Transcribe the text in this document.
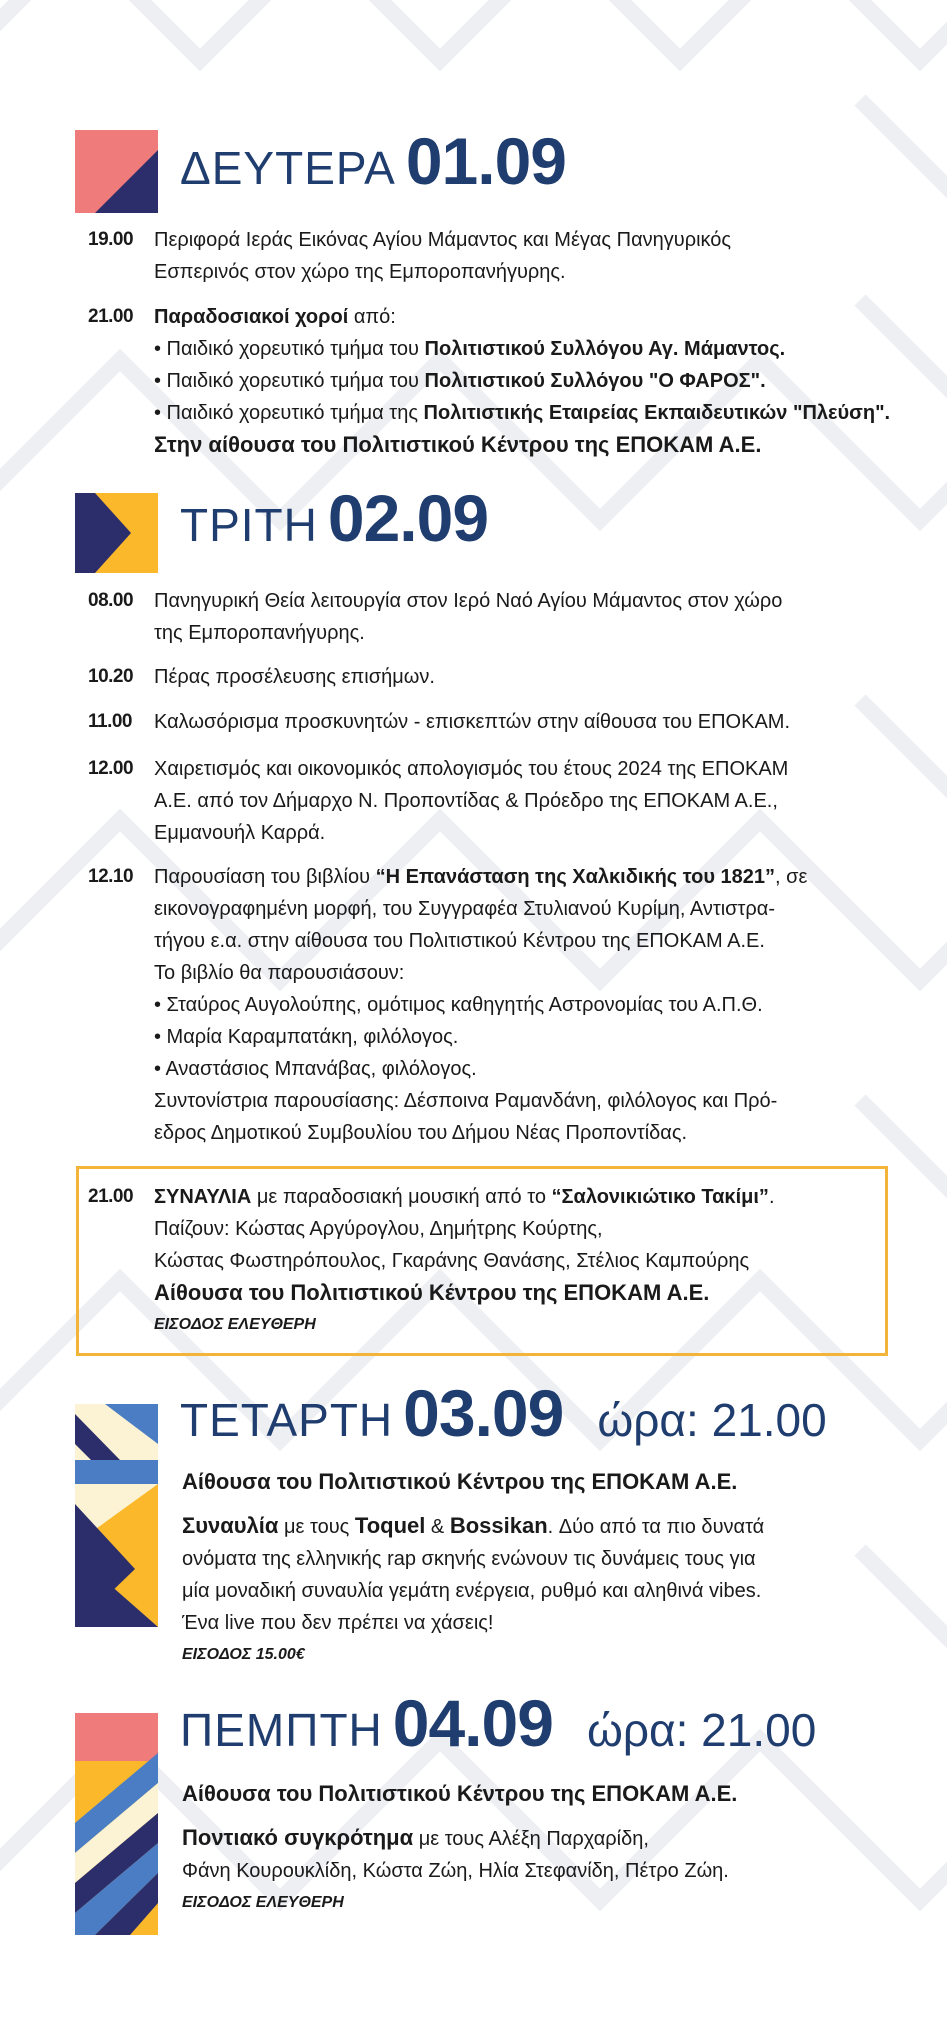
ΔΕΥΤΕΡΑ 01.09
19.00	Περιφορά Ιεράς Εικόνας Αγίου Μάμαντος και Μέγας Πανηγυρικός
Εσπερινός στον χώρο της Εμποροπανήγυρης.
21.00	Παραδοσιακοί χοροί από:
• Παιδικό χορευτικό τμήμα του Πολιτιστικού Συλλόγου Αγ. Μάμαντος.
• Παιδικό χορευτικό τμήμα του Πολιτιστικού Συλλόγου "Ο ΦΑΡΟΣ".
• Παιδικό χορευτικό τμήμα της Πολιτιστικής Εταιρείας Εκπαιδευτικών "Πλεύση".
Στην αίθουσα του Πολιτιστικού Κέντρου της ΕΠΟΚΑΜ Α.Ε.
ΤΡΙΤΗ 02.09
08.00	Πανηγυρική Θεία λειτουργία στον Ιερό Ναό Αγίου Μάμαντος στον χώρο
της Εμποροπανήγυρης.
10.20	Πέρας προσέλευσης επισήμων.
11.00	Καλωσόρισμα προσκυνητών - επισκεπτών στην αίθουσα του ΕΠΟΚΑΜ.
12.00	Χαιρετισμός και οικονομικός απολογισμός του έτους 2024 της ΕΠΟΚΑΜ
Α.Ε. από τον Δήμαρχο Ν. Προποντίδας & Πρόεδρο της ΕΠΟΚΑΜ Α.Ε.,
Εμμανουήλ Καρρά.
12.10	Παρουσίαση του βιβλίου “Η Επανάσταση της Χαλκιδικής του 1821”, σε
εικονογραφημένη μορφή, του Συγγραφέα Στυλιανού Κυρίμη, Αντιστρα-
τήγου ε.α. στην αίθουσα του Πολιτιστικού Κέντρου της ΕΠΟΚΑΜ Α.Ε.
Το βιβλίο θα παρουσιάσουν:
• Σταύρος Αυγολούπης, ομότιμος καθηγητής Αστρονομίας του Α.Π.Θ.
• Μαρία Καραμπατάκη, φιλόλογος.
• Αναστάσιος Μπανάβας, φιλόλογος.
Συντονίστρια παρουσίασης: Δέσποινα Ραμανδάνη, φιλόλογος και Πρό-
εδρος Δημοτικού Συμβουλίου του Δήμου Νέας Προποντίδας.
21.00	ΣΥΝΑΥΛΙΑ με παραδοσιακή μουσική από το “Σαλονικιώτικο Τακίμι”.
Παίζουν: Κώστας Αργύρογλου, Δημήτρης Κούρτης,
Κώστας Φωστηρόπουλος, Γκαράνης Θανάσης, Στέλιος Καμπούρης
Αίθουσα του Πολιτιστικού Κέντρου της ΕΠΟΚΑΜ Α.Ε.
ΕΙΣΟΔΟΣ ΕΛΕΥΘΕΡΗ
ΤΕΤΑΡΤΗ 03.09 ώρα: 21.00
Αίθουσα του Πολιτιστικού Κέντρου της ΕΠΟΚΑΜ Α.Ε.
Συναυλία με τους Toquel & Bossikan. Δύο από τα πιο δυνατά
ονόματα της ελληνικής rap σκηνής ενώνουν τις δυνάμεις τους για
μία μοναδική συναυλία γεμάτη ενέργεια, ρυθμό και αληθινά vibes.
Ένα live που δεν πρέπει να χάσεις!
ΕΙΣΟΔΟΣ 15.00€
ΠΕΜΠΤΗ 04.09 ώρα: 21.00
Αίθουσα του Πολιτιστικού Κέντρου της ΕΠΟΚΑΜ Α.Ε.
Ποντιακό συγκρότημα με τους Αλέξη Παρχαρίδη,
Φάνη Κουρουκλίδη, Κώστα Ζώη, Ηλία Στεφανίδη, Πέτρο Ζώη.
ΕΙΣΟΔΟΣ ΕΛΕΥΘΕΡΗ
